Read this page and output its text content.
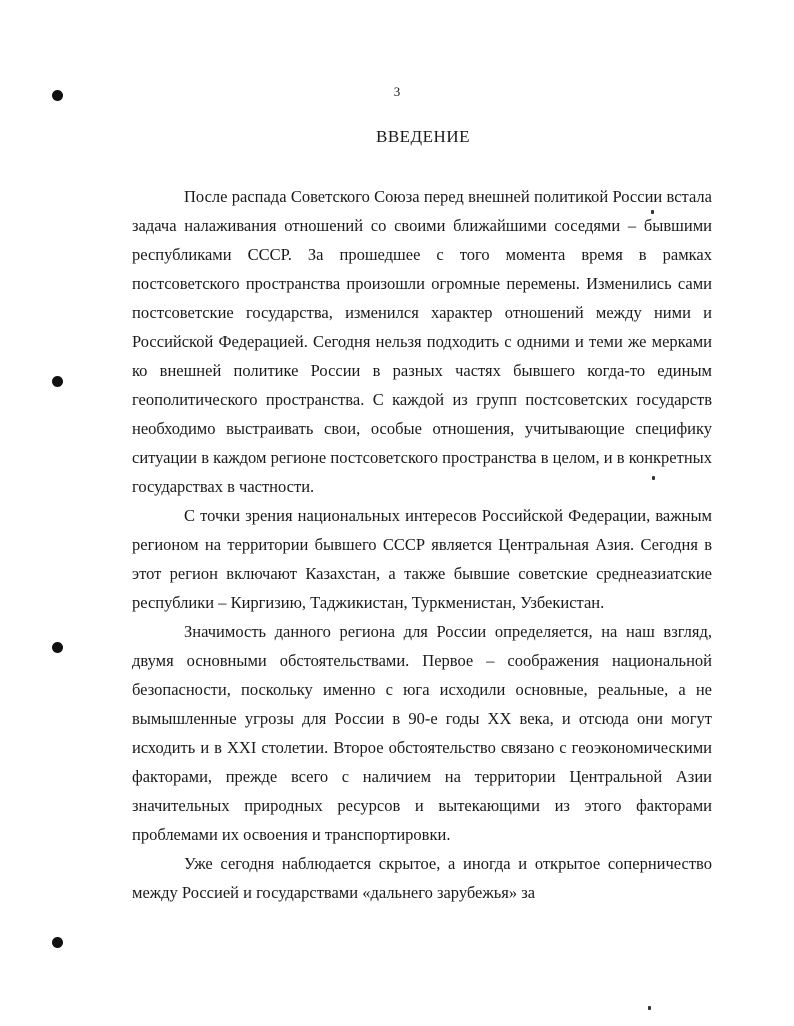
3
ВВЕДЕНИЕ

После распада Советского Союза перед внешней политикой России встала задача налаживания отношений со своими ближайшими соседями – бывшими республиками СССР. За прошедшее с того момента время в рамках постсоветского пространства произошли огромные перемены. Изменились сами постсоветские государства, изменился характер отношений между ними и Российской Федерацией. Сегодня нельзя подходить с одними и теми же мерками ко внешней политике России в разных частях бывшего когда-то единым геополитического пространства. С каждой из групп постсоветских государств необходимо выстраивать свои, особые отношения, учитывающие специфику ситуации в каждом регионе постсоветского пространства в целом, и в конкретных государствах в частности.

С точки зрения национальных интересов Российской Федерации, важным регионом на территории бывшего СССР является Центральная Азия. Сегодня в этот регион включают Казахстан, а также бывшие советские среднеазиатские республики – Киргизию, Таджикистан, Туркменистан, Узбекистан.

Значимость данного региона для России определяется, на наш взгляд, двумя основными обстоятельствами. Первое – соображения национальной безопасности, поскольку именно с юга исходили основные, реальные, а не вымышленные угрозы для России в 90-е годы XX века, и отсюда они могут исходить и в XXI столетии. Второе обстоятельство связано с геоэкономическими факторами, прежде всего с наличием на территории Центральной Азии значительных природных ресурсов и вытекающими из этого факторами проблемами их освоения и транспортировки.

Уже сегодня наблюдается скрытое, а иногда и открытое соперничество между Россией и государствами «дальнего зарубежья» за
